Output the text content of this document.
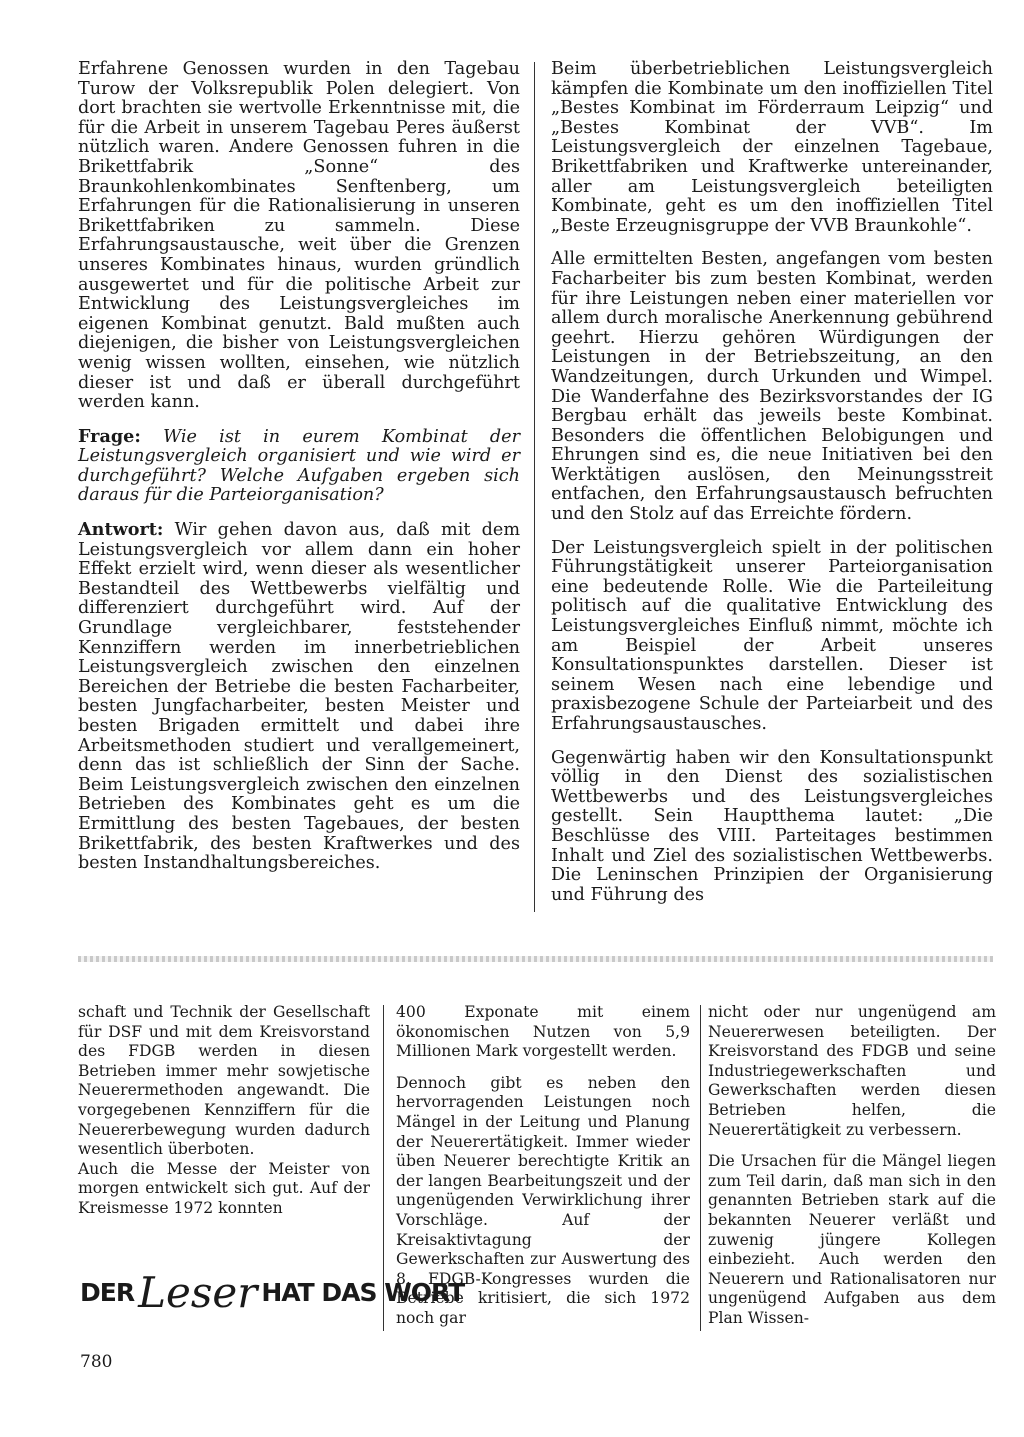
Erfahrene Genossen wurden in den Tagebau Turow der Volksrepublik Polen delegiert. Von dort brachten sie wertvolle Erkenntnisse mit, die für die Arbeit in unserem Tagebau Peres äußerst nützlich waren. Andere Genossen fuhren in die Brikettfabrik „Sonne“ des Braunkohlenkombinates Senftenberg, um Erfahrungen für die Rationalisierung in unseren Brikettfabriken zu sammeln. Diese Erfahrungsaustausche, weit über die Grenzen unseres Kombinates hinaus, wurden gründlich ausgewertet und für die politische Arbeit zur Entwicklung des Leistungsvergleiches im eigenen Kombinat genutzt. Bald mußten auch diejenigen, die bisher von Leistungsvergleichen wenig wissen wollten, einsehen, wie nützlich dieser ist und daß er überall durchgeführt werden kann.

Frage: Wie ist in eurem Kombinat der Leistungsvergleich organisiert und wie wird er durchgeführt? Welche Aufgaben ergeben sich daraus für die Parteiorganisation?

Antwort: Wir gehen davon aus, daß mit dem Leistungsvergleich vor allem dann ein hoher Effekt erzielt wird, wenn dieser als wesentlicher Bestandteil des Wettbewerbs vielfältig und differenziert durchgeführt wird. Auf der Grundlage vergleichbarer, feststehender Kennziffern werden im innerbetrieblichen Leistungsvergleich zwischen den einzelnen Bereichen der Betriebe die besten Facharbeiter, besten Jungfacharbeiter, besten Meister und besten Brigaden ermittelt und dabei ihre Arbeitsmethoden studiert und verallgemeinert, denn das ist schließlich der Sinn der Sache. Beim Leistungsvergleich zwischen den einzelnen Betrieben des Kombinates geht es um die Ermittlung des besten Tagebaues, der besten Brikettfabrik, des besten Kraftwerkes und des besten Instandhaltungsbereiches.

Beim überbetrieblichen Leistungsvergleich kämpfen die Kombinate um den inoffiziellen Titel „Bestes Kombinat im Förderraum Leipzig“ und „Bestes Kombinat der VVB“. Im Leistungsvergleich der einzelnen Tagebaue, Brikettfabriken und Kraftwerke untereinander, aller am Leistungsvergleich beteiligten Kombinate, geht es um den inoffiziellen Titel „Beste Erzeugnisgruppe der VVB Braunkohle“.

Alle ermittelten Besten, angefangen vom besten Facharbeiter bis zum besten Kombinat, werden für ihre Leistungen neben einer materiellen vor allem durch moralische Anerkennung gebührend geehrt. Hierzu gehören Würdigungen der Leistungen in der Betriebszeitung, an den Wandzeitungen, durch Urkunden und Wimpel. Die Wanderfahne des Bezirksvorstandes der IG Bergbau erhält das jeweils beste Kombinat. Besonders die öffentlichen Belobigungen und Ehrungen sind es, die neue Initiativen bei den Werktätigen auslösen, den Meinungsstreit entfachen, den Erfahrungsaustausch befruchten und den Stolz auf das Erreichte fördern.

Der Leistungsvergleich spielt in der politischen Führungstätigkeit unserer Parteiorganisation eine bedeutende Rolle. Wie die Parteileitung politisch auf die qualitative Entwicklung des Leistungsvergleiches Einfluß nimmt, möchte ich am Beispiel der Arbeit unseres Konsultationspunktes darstellen. Dieser ist seinem Wesen nach eine lebendige und praxisbezogene Schule der Parteiarbeit und des Erfahrungsaustausches.

Gegenwärtig haben wir den Konsultationspunkt völlig in den Dienst des sozialistischen Wettbewerbs und des Leistungsvergleiches gestellt. Sein Hauptthema lautet: „Die Beschlüsse des VIII. Parteitages bestimmen Inhalt und Ziel des sozialistischen Wettbewerbs. Die Leninschen Prinzipien der Organisierung und Führung des

schaft und Technik der Gesellschaft für DSF und mit dem Kreisvorstand des FDGB werden in diesen Betrieben immer mehr sowjetische Neuerermethoden angewandt. Die vorgegebenen Kennziffern für die Neuererbewegung wurden dadurch wesentlich überboten.

Auch die Messe der Meister von morgen entwickelt sich gut. Auf der Kreismesse 1972 konnten

400 Exponate mit einem ökonomischen Nutzen von 5,9 Millionen Mark vorgestellt werden.

Dennoch gibt es neben den hervorragenden Leistungen noch Mängel in der Leitung und Planung der Neuerertätigkeit. Immer wieder üben Neuerer berechtigte Kritik an der langen Bearbeitungszeit und der ungenügenden Verwirklichung ihrer Vorschläge. Auf der Kreisaktivtagung der Gewerkschaften zur Auswertung des 8. FDGB-Kongresses wurden die Betriebe kritisiert, die sich 1972 noch gar

nicht oder nur ungenügend am Neuererwesen beteiligten. Der Kreisvorstand des FDGB und seine Industriegewerkschaften und Gewerkschaften werden diesen Betrieben helfen, die Neuerertätigkeit zu verbessern.

Die Ursachen für die Mängel liegen zum Teil darin, daß man sich in den genannten Betrieben stark auf die bekannten Neuerer verläßt und zuwenig jüngere Kollegen einbezieht. Auch werden den Neuerern und Rationalisatoren nur ungenügend Aufgaben aus dem Plan Wissen-

DER Leser HAT DAS WORT
780
